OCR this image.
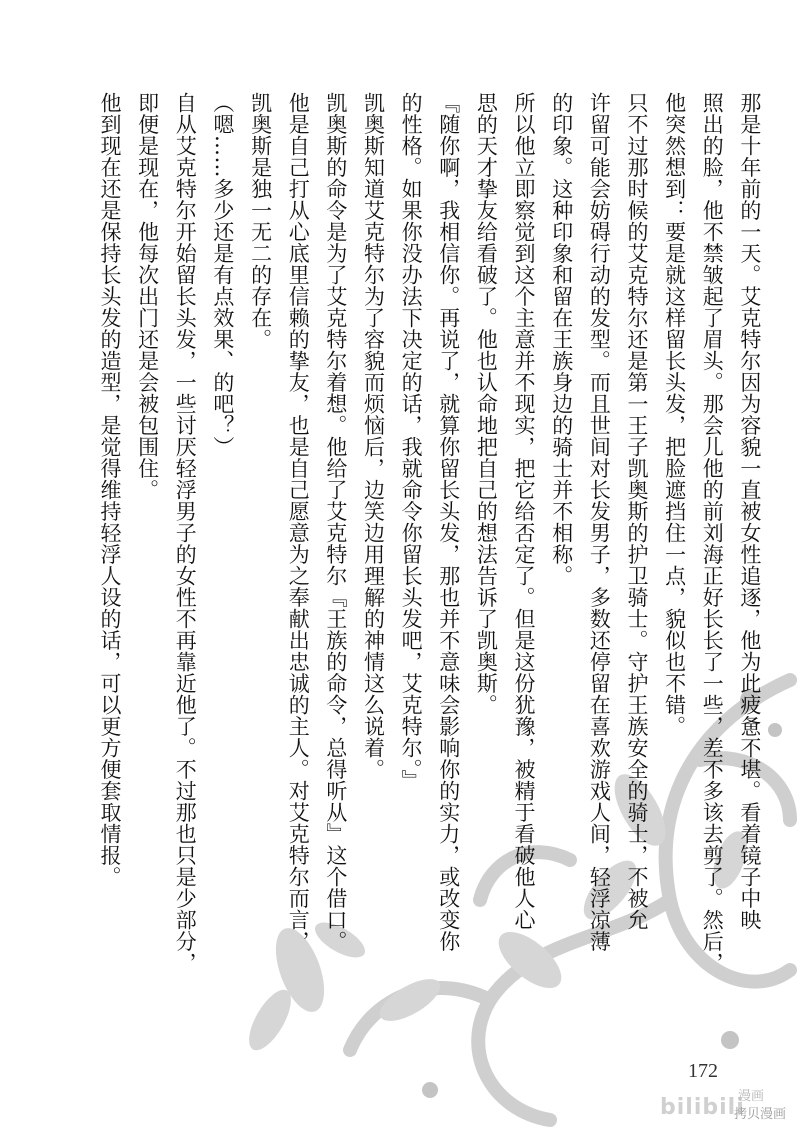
那是十年前的一天。艾克特尔因为容貌一直被女性追逐，他为此疲惫不堪。看着镜子中映
照出的脸，他不禁皱起了眉头。那会儿他的前刘海正好长长了一些，差不多该去剪了。然后，
他突然想到：要是就这样留长头发，把脸遮挡住一点，貌似也不错。
只不过那时候的艾克特尔还是第一王子凯奥斯的护卫骑士。守护王族安全的骑士，不被允
许留可能会妨碍行动的发型。而且世间对长发男子，多数还停留在喜欢游戏人间，轻浮凉薄
的印象。这种印象和留在王族身边的骑士并不相称。
所以他立即察觉到这个主意并不现实，把它给否定了。但是这份犹豫，被精于看破他人心
思的天才挚友给看破了。他也认命地把自己的想法告诉了凯奥斯。
『随你啊，我相信你。再说了，就算你留长头发，那也并不意味会影响你的实力，或改变你
的性格。如果你没办法下决定的话，我就命令你留长头发吧，艾克特尔。』
凯奥斯知道艾克特尔为了容貌而烦恼后，边笑边用理解的神情这么说着。
凯奥斯的命令是为了艾克特尔着想。他给了艾克特尔『王族的命令，总得听从』这个借口。
他是自己打从心底里信赖的挚友，也是自己愿意为之奉献出忠诚的主人。对艾克特尔而言，
凯奥斯是独一无二的存在。
（嗯……多少还是有点效果、的吧？）
自从艾克特尔开始留长头发，一些讨厌轻浮男子的女性不再靠近他了。不过那也只是少部分，
即便是现在，他每次出门还是会被包围住。
他到现在还是保持长头发的造型，是觉得维持轻浮人设的话，可以更方便套取情报。
172
bilibili
漫画
拷贝漫画
